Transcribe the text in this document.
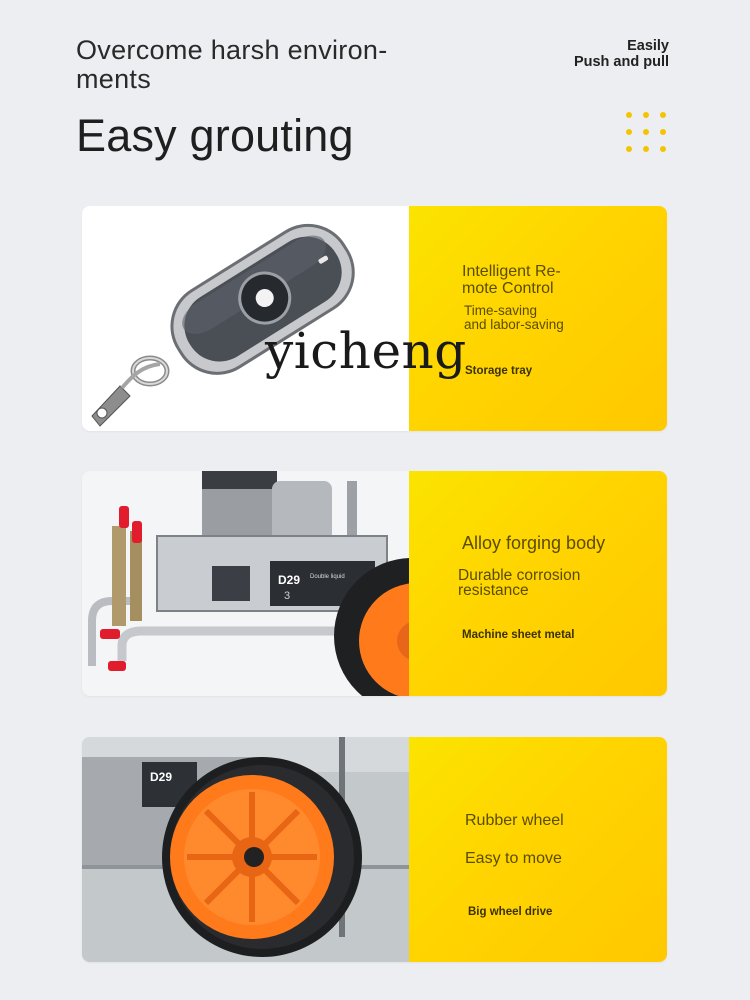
Overcome harsh environ-
ments
Easy grouting
Easily
Push and pull
Intelligent Re-
mote Control
Time-saving
and labor-saving
Storage tray
D29 Double liquid
3
Alloy forging body
Durable corrosion
resistance
Machine sheet metal
D29
Rubber wheel
Easy to move
Big wheel drive
yicheng
